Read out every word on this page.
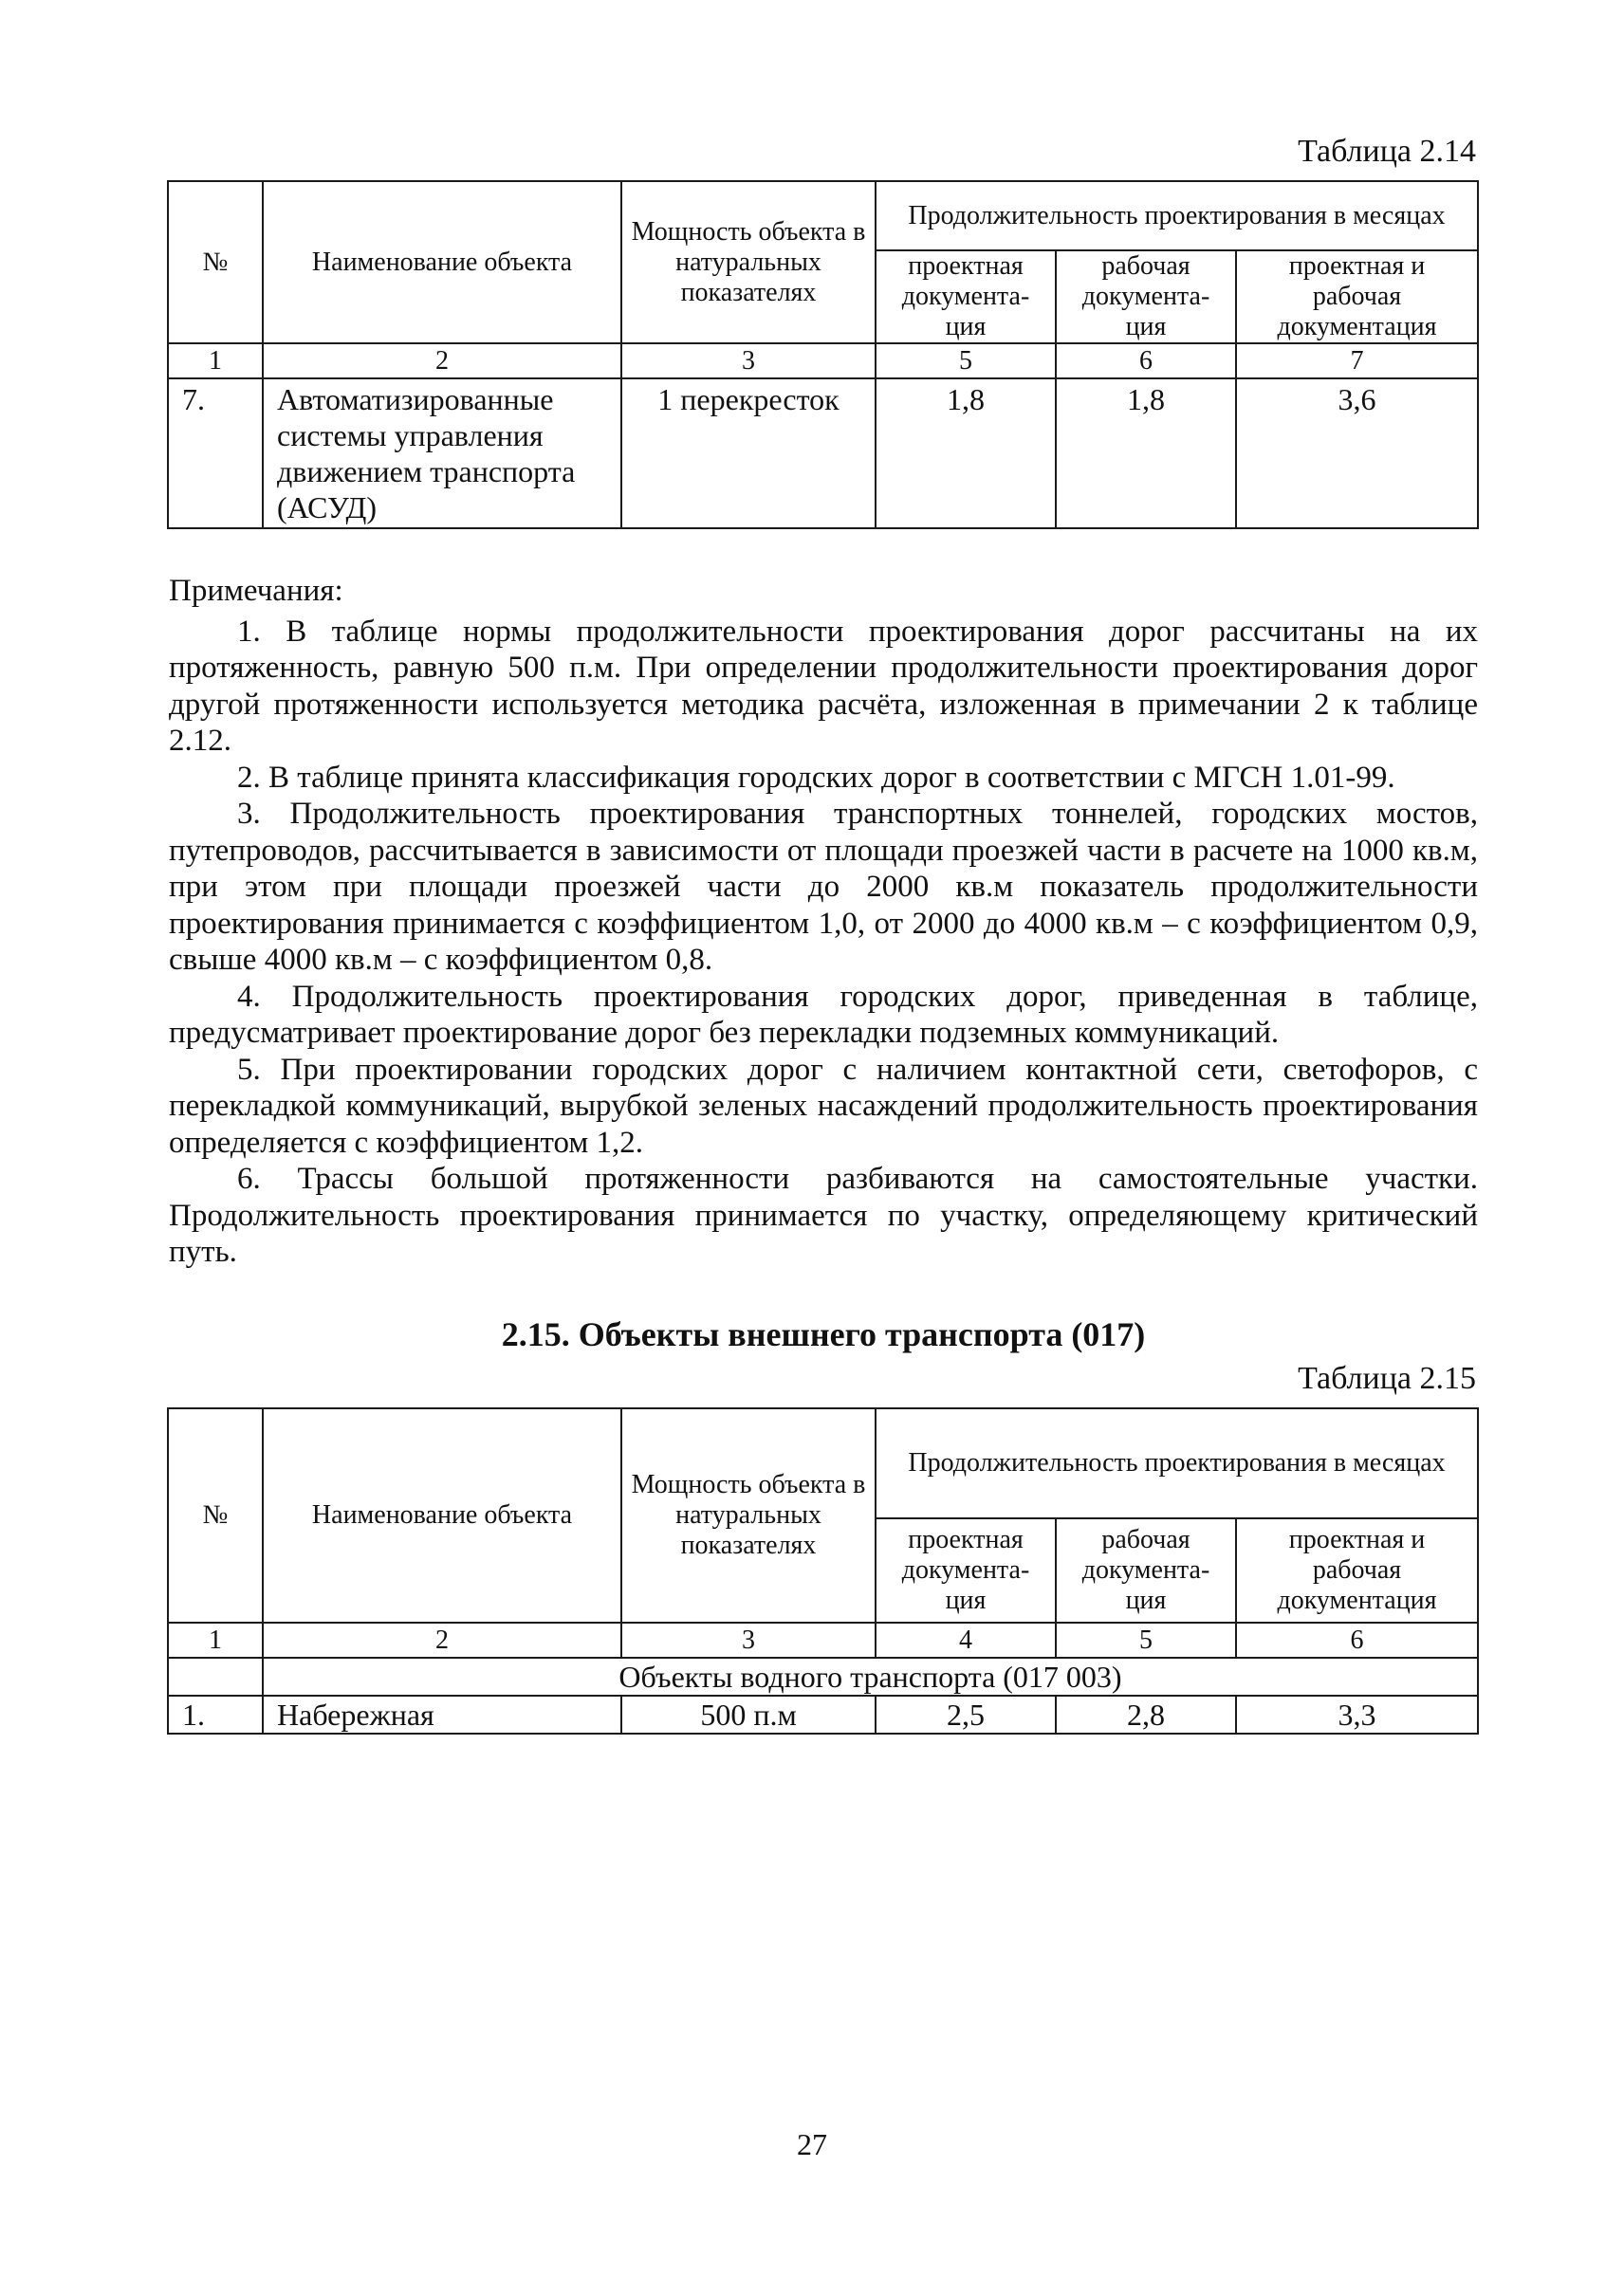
Таблица 2.14
№	Наименование объекта	Мощность объекта в натуральных показателях	Продолжительность проектирования в месяцах		
			проектная документа-ция	рабочая документа-ция	проектная и рабочая документация
1	2	3	5	6	7
7.	Автоматизированные системы управления движением транспорта (АСУД)	1 перекресток	1,8	1,8	3,6
Примечания:

1. В таблице нормы продолжительности проектирования дорог рассчитаны на их протяженность, равную 500 п.м. При определении продолжительности проектирования дорог другой протяженности используется методика расчёта, изложенная в примечании 2 к таблице 2.12.

2. В таблице принята классификация городских дорог в соответствии с МГСН 1.01-99.

3. Продолжительность проектирования транспортных тоннелей, городских мостов, путепроводов, рассчитывается в зависимости от площади проезжей части в расчете на 1000 кв.м, при этом при площади проезжей части до 2000 кв.м показатель продолжительности проектирования принимается с коэффициентом 1,0, от 2000 до 4000 кв.м – с коэффициентом 0,9, свыше 4000 кв.м – с коэффициентом 0,8.

4. Продолжительность проектирования городских дорог, приведенная в таблице, предусматривает проектирование дорог без перекладки подземных коммуникаций.

5. При проектировании городских дорог с наличием контактной сети, светофоров, с перекладкой коммуникаций, вырубкой зеленых насаждений продолжительность проектирования определяется с коэффициентом 1,2.

6. Трассы большой протяженности разбиваются на самостоятельные участки. Продолжительность проектирования принимается по участку, определяющему критический путь.

2.15. Объекты внешнего транспорта (017)
Таблица 2.15
№	Наименование объекта	Мощность объекта в натуральных показателях	Продолжительность проектирования в месяцах		
			проектная документа-ция	рабочая документа-ция	проектная и рабочая документация
1	2	3	4	5	6
	Объекты водного транспорта (017 003)				
1.	Набережная	500 п.м	2,5	2,8	3,3
27
